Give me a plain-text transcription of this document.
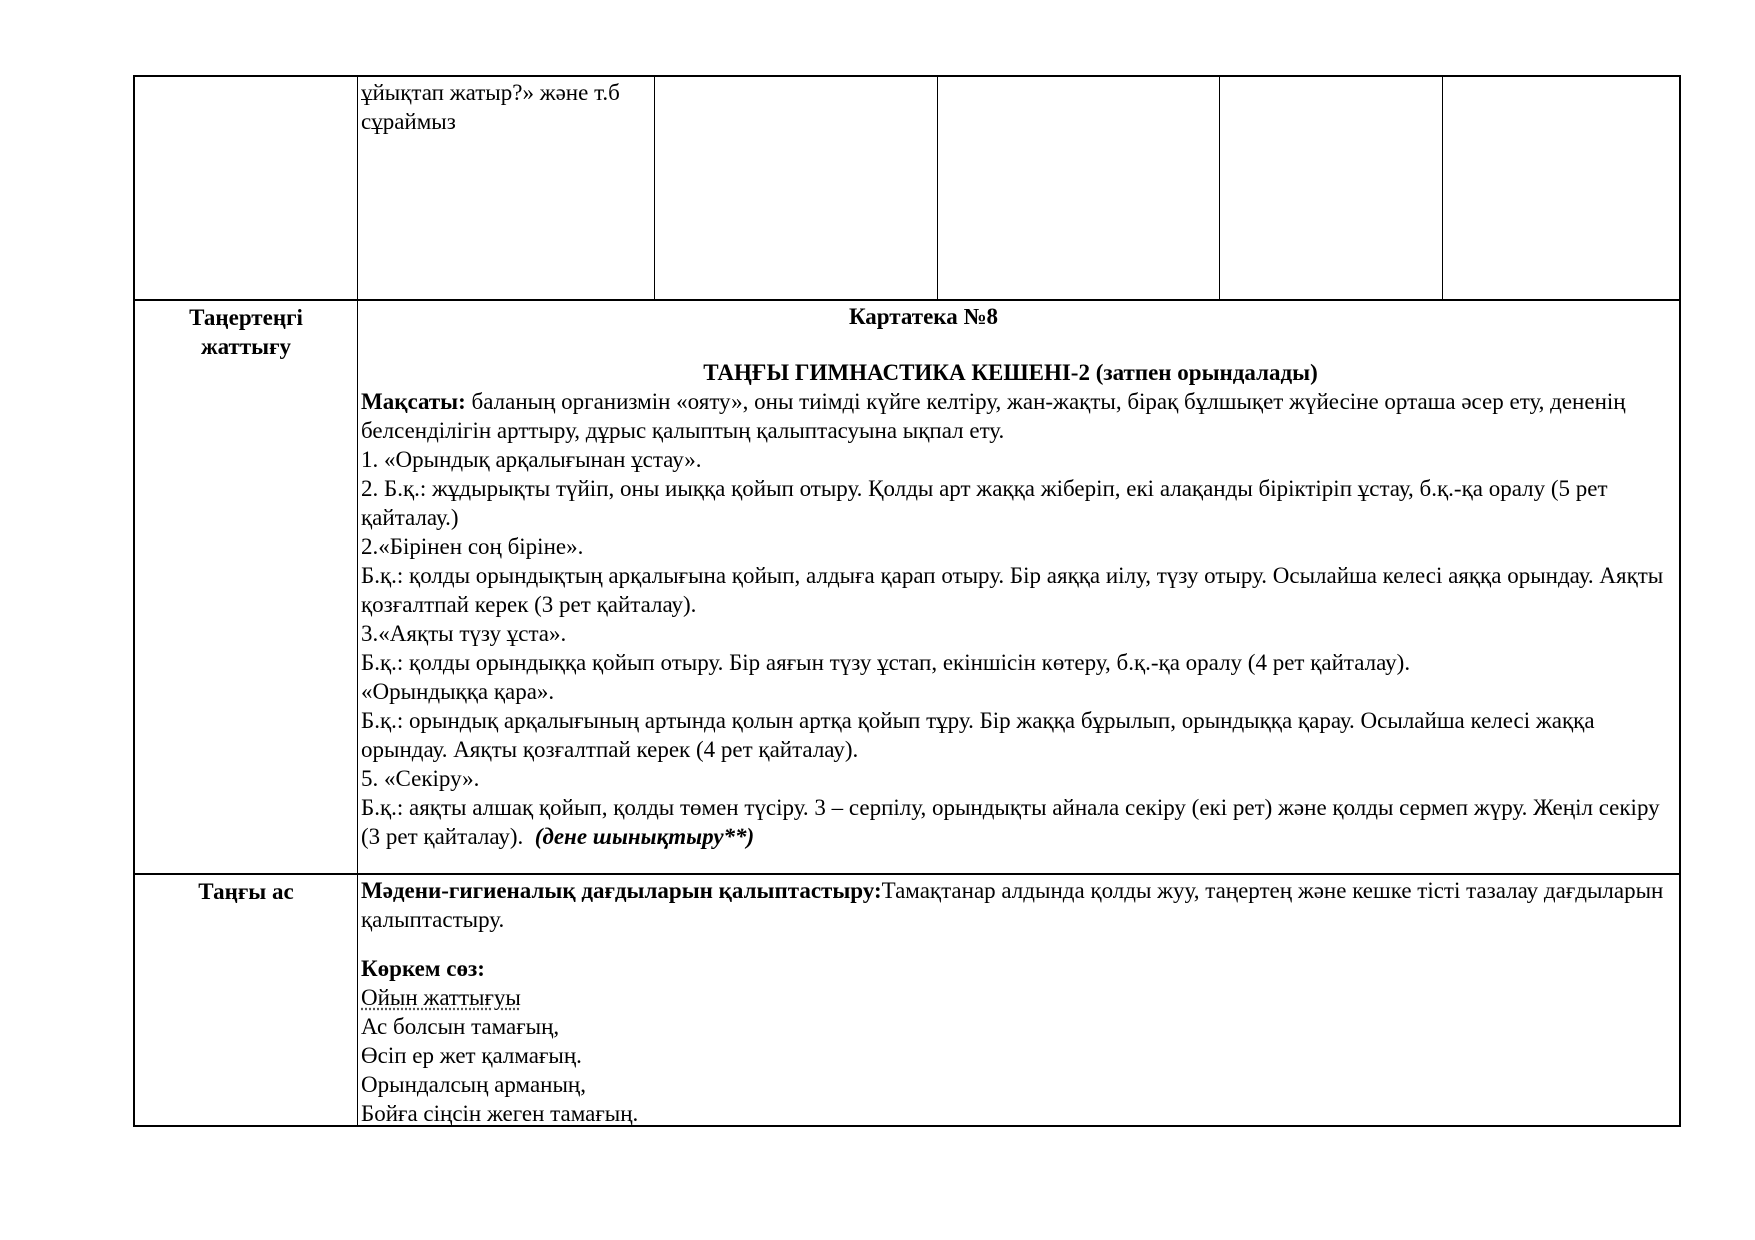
ұйықтап жатыр?» және т.б

сұраймыз

Таңертеңгі

жаттығу

Картатека №8

ТАҢҒЫ ГИМНАСТИКА КЕШЕНІ-2 (затпен орындалады)

Мақсаты: баланың организмін «ояту», оны тиімді күйге келтіру, жан-жақты, бірақ бұлшықет жүйесіне орташа әсер ету, дененің белсенділігін арттыру, дұрыс қалыптың қалыптасуына ықпал ету.

1. «Орындық арқалығынан ұстау».

2. Б.қ.: жұдырықты түйіп, оны иыққа қойып отыру. Қолды арт жаққа жіберіп, екі алақанды біріктіріп ұстау, б.қ.-қа оралу (5 рет қайталау.)

2.«Бірінен соң біріне».

Б.қ.: қолды орындықтың арқалығына қойып, алдыға қарап отыру. Бір аяққа иілу, түзу отыру. Осылайша келесі аяққа орындау. Аяқты қозғалтпай керек (3 рет қайталау).

3.«Аяқты түзу ұста».

Б.қ.: қолды орындыққа қойып отыру. Бір аяғын түзу ұстап, екіншісін көтеру, б.қ.-қа оралу (4 рет қайталау).

«Орындыққа қара».

Б.қ.: орындық арқалығының артында қолын артқа қойып тұру. Бір жаққа бұрылып, орындыққа қарау. Осылайша келесі жаққа орындау. Аяқты қозғалтпай керек (4 рет қайталау).

5. «Секіру».

Б.қ.: аяқты алшақ қойып, қолды төмен түсіру. 3 – серпілу, орындықты айнала секіру (екі рет) және қолды сермеп жүру. Жеңіл секіру (3 рет қайталау). (дене шынықтыру**)

Таңғы ас	Мәдени-гигиеналық дағдыларын қалыптастыру:Тамақтанар алдында қолды жуу, таңертең және кешке тісті тазалау дағдыларын қалыптастыру.

Көркем сөз:

Ойын жаттығуы

Ас болсын тамағың,

Өсіп ер жет қалмағың.

Орындалсың арманың,

Бойға сіңсін жеген тамағың.
